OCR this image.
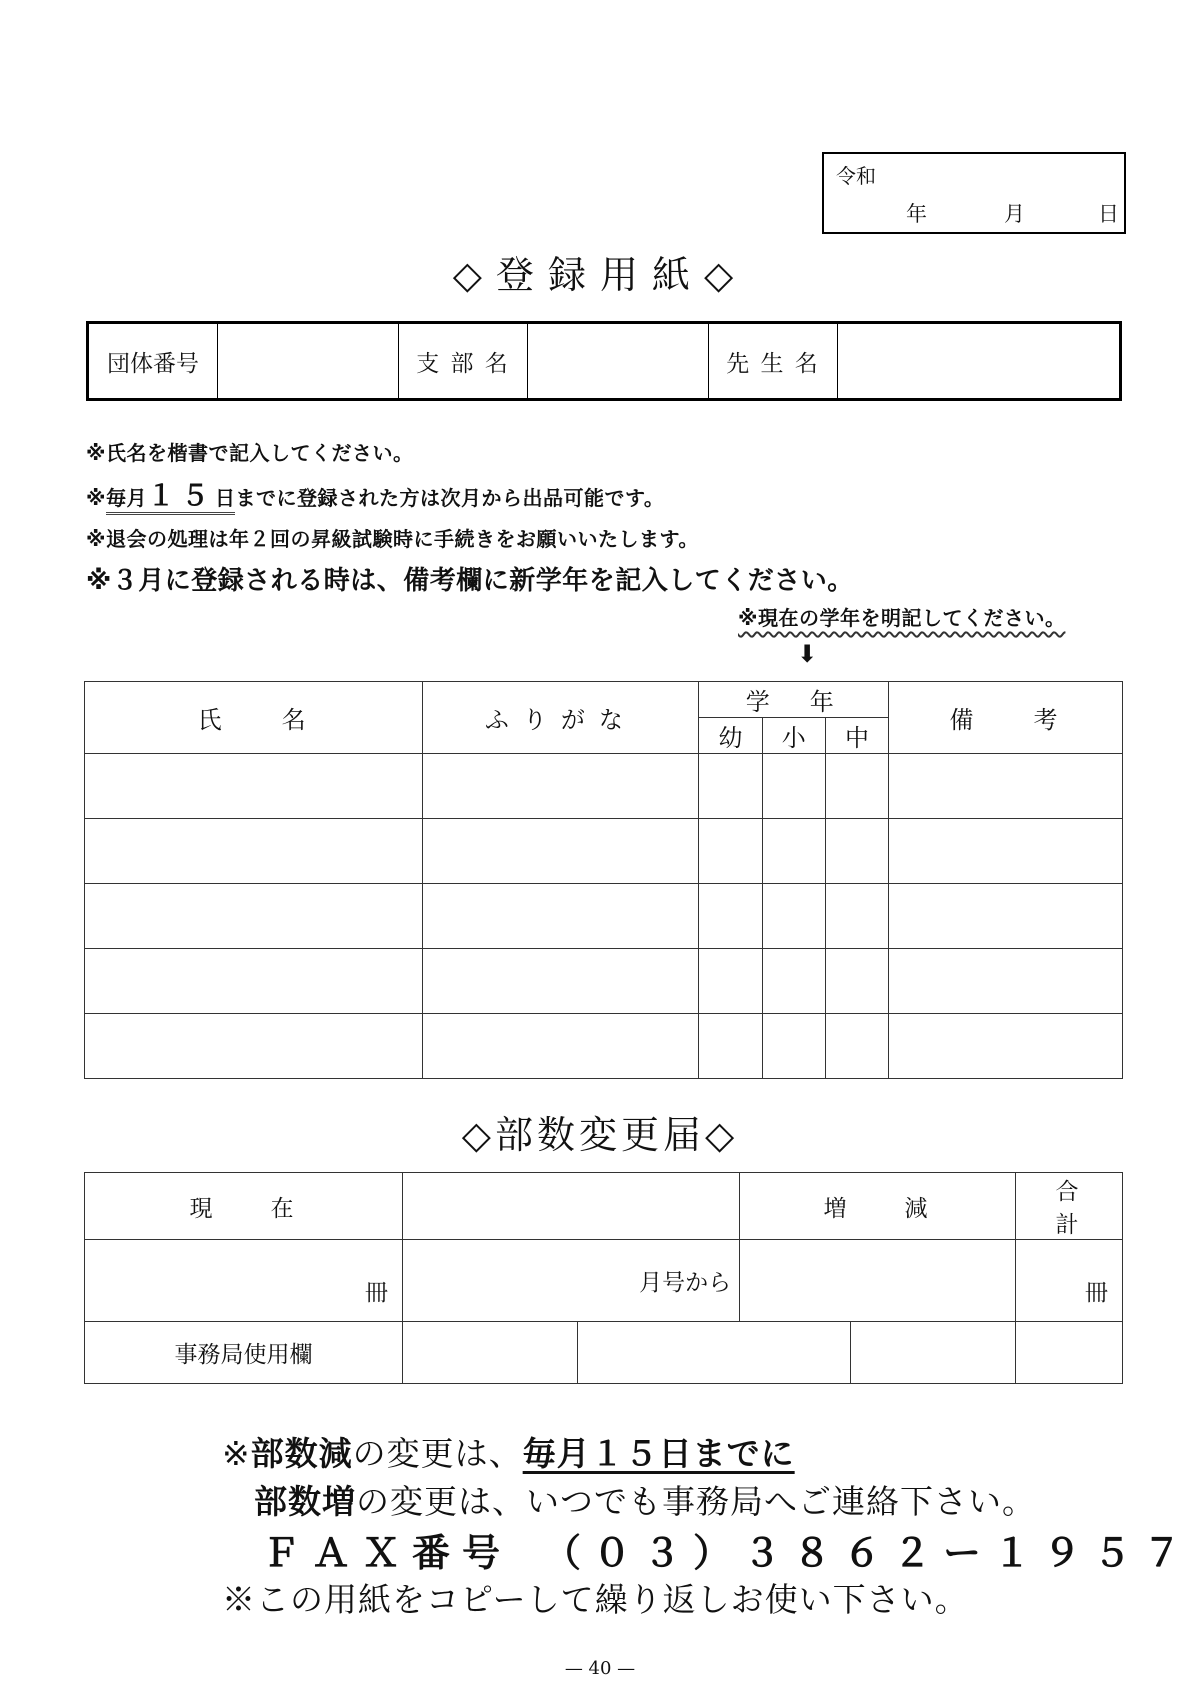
令和
年	月	日
◇登録用紙◇
団体番号		支 部 名		先 生 名	
※氏名を楷書で記入してください。
※毎月１５日までに登録された方は次月から出品可能です。
※退会の処理は年２回の昇級試験時に手続きをお願いいたします。
※３月に登録される時は、備考欄に新学年を記入してください。
※現在の学年を明記してください。
⬇
氏　　名	ふりがな	学　年			備　　考
		幼	小	中	

◇部数変更届◇
現　　在			増　　減		合　　計
冊	月号から				冊
事務局使用欄					
※部数減の変更は、毎月１５日までに
部数増の変更は、いつでも事務局へご連絡下さい。
ＦＡＸ番号　（０３）３８６２ー１９５７
※この用紙をコピーして繰り返しお使い下さい。
— 40 —
